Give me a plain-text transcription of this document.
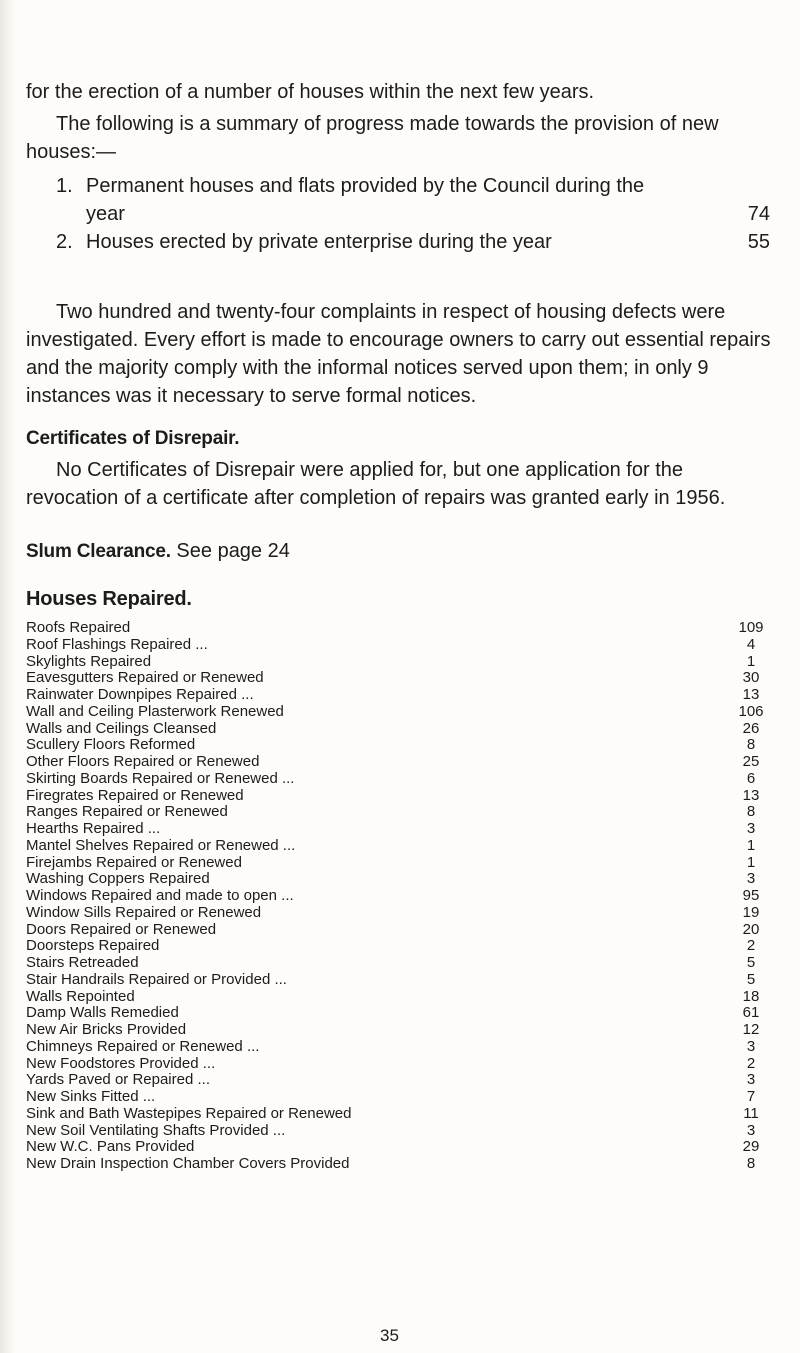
for the erection of a number of houses within the next few years.
The following is a summary of progress made towards the provision of new houses:—
1. Permanent houses and flats provided by the Council during the year	74
2. Houses erected by private enterprise during the year	55
Two hundred and twenty-four complaints in respect of housing defects were investigated. Every effort is made to encourage owners to carry out essential repairs and the majority comply with the informal notices served upon them; in only 9 instances was it necessary to serve formal notices.
Certificates of Disrepair.
No Certificates of Disrepair were applied for, but one application for the revocation of a certificate after completion of repairs was granted early in 1956.
Slum Clearance. See page 24
Houses Repaired.
Roofs Repaired	109
Roof Flashings Repaired ...	4
Skylights Repaired	1
Eavesgutters Repaired or Renewed	30
Rainwater Downpipes Repaired ...	13
Wall and Ceiling Plasterwork Renewed	106
Walls and Ceilings Cleansed	26
Scullery Floors Reformed	8
Other Floors Repaired or Renewed	25
Skirting Boards Repaired or Renewed ...	6
Firegrates Repaired or Renewed	13
Ranges Repaired or Renewed	8
Hearths Repaired ...	3
Mantel Shelves Repaired or Renewed ...	1
Firejambs Repaired or Renewed	1
Washing Coppers Repaired	3
Windows Repaired and made to open ...	95
Window Sills Repaired or Renewed	19
Doors Repaired or Renewed	20
Doorsteps Repaired	2
Stairs Retreaded	5
Stair Handrails Repaired or Provided ...	5
Walls Repointed	18
Damp Walls Remedied	61
New Air Bricks Provided	12
Chimneys Repaired or Renewed ...	3
New Foodstores Provided ...	2
Yards Paved or Repaired ...	3
New Sinks Fitted ...	7
Sink and Bath Wastepipes Repaired or Renewed	11
New Soil Ventilating Shafts Provided ...	3
New W.C. Pans Provided	29
New Drain Inspection Chamber Covers Provided	8
35
